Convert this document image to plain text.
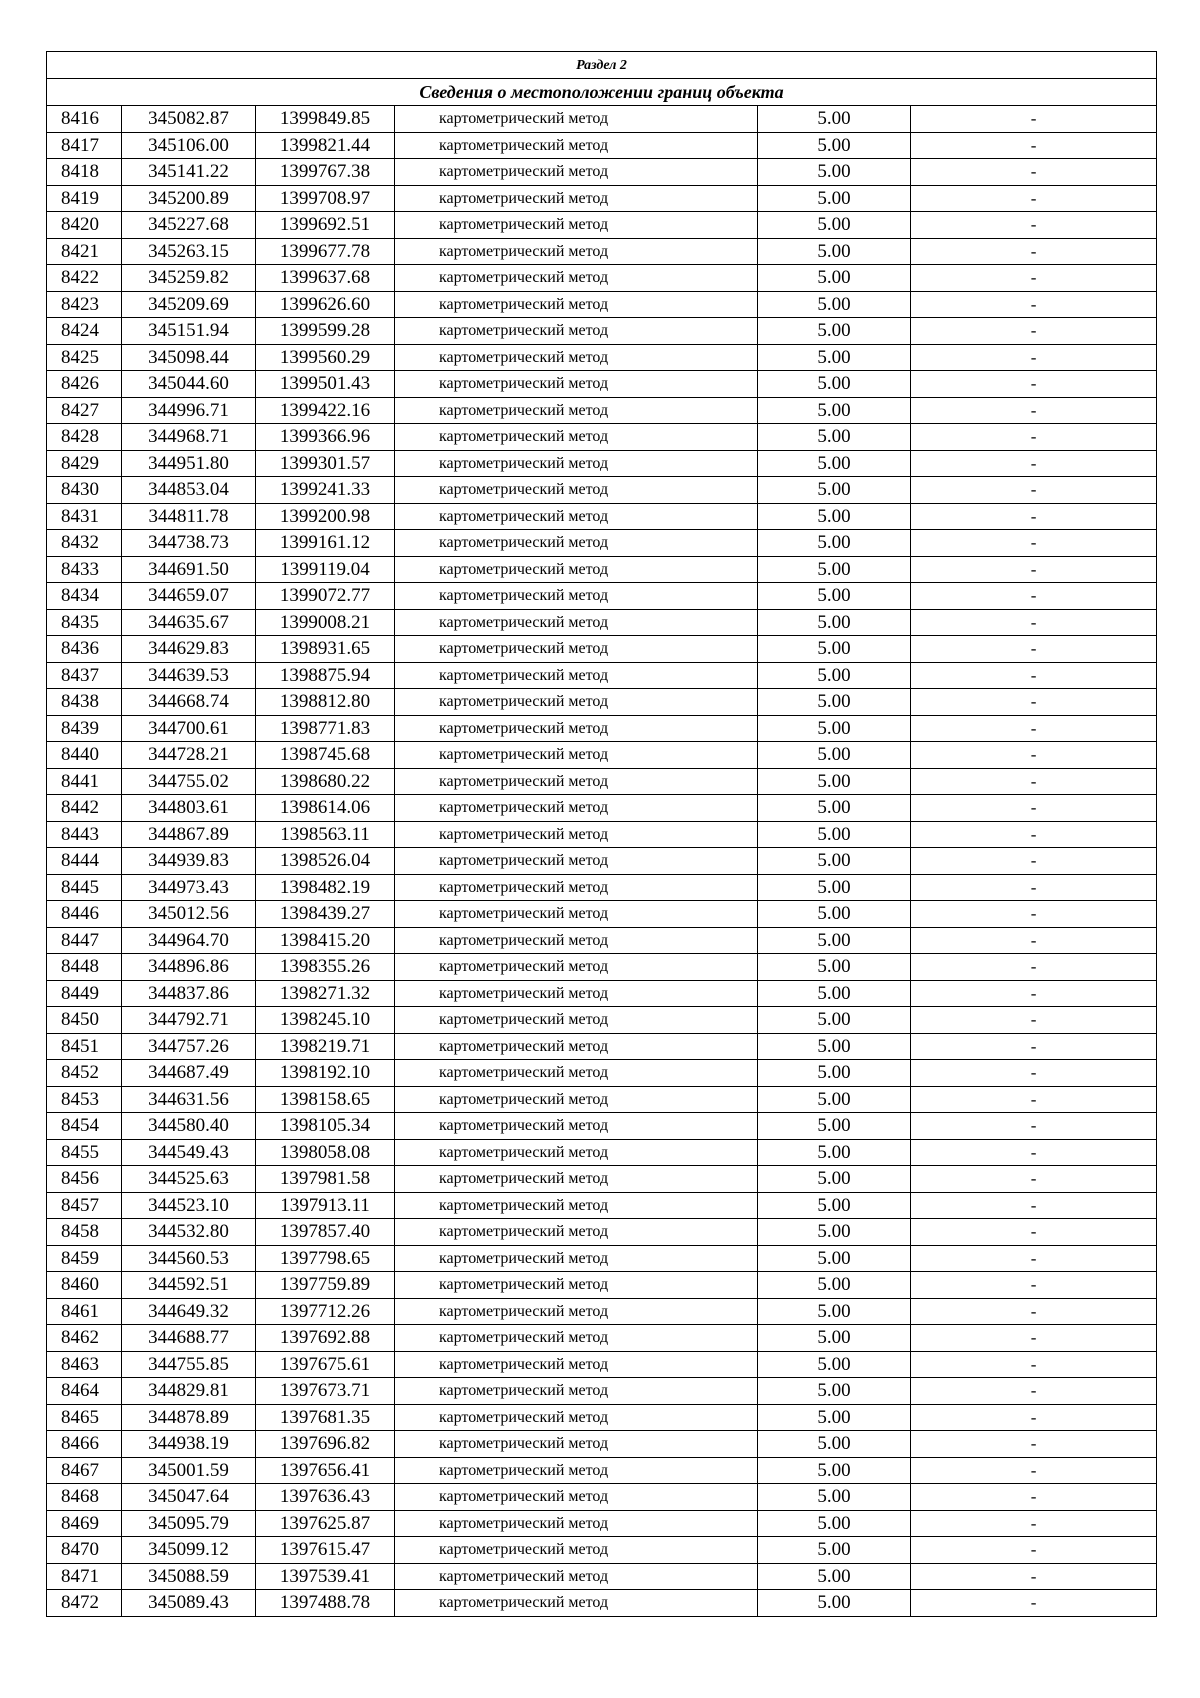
Раздел 2					
Сведения о местоположении границ объекта					
8416	345082.87	1399849.85	картометрический метод	5.00	-
8417	345106.00	1399821.44	картометрический метод	5.00	-
8418	345141.22	1399767.38	картометрический метод	5.00	-
8419	345200.89	1399708.97	картометрический метод	5.00	-
8420	345227.68	1399692.51	картометрический метод	5.00	-
8421	345263.15	1399677.78	картометрический метод	5.00	-
8422	345259.82	1399637.68	картометрический метод	5.00	-
8423	345209.69	1399626.60	картометрический метод	5.00	-
8424	345151.94	1399599.28	картометрический метод	5.00	-
8425	345098.44	1399560.29	картометрический метод	5.00	-
8426	345044.60	1399501.43	картометрический метод	5.00	-
8427	344996.71	1399422.16	картометрический метод	5.00	-
8428	344968.71	1399366.96	картометрический метод	5.00	-
8429	344951.80	1399301.57	картометрический метод	5.00	-
8430	344853.04	1399241.33	картометрический метод	5.00	-
8431	344811.78	1399200.98	картометрический метод	5.00	-
8432	344738.73	1399161.12	картометрический метод	5.00	-
8433	344691.50	1399119.04	картометрический метод	5.00	-
8434	344659.07	1399072.77	картометрический метод	5.00	-
8435	344635.67	1399008.21	картометрический метод	5.00	-
8436	344629.83	1398931.65	картометрический метод	5.00	-
8437	344639.53	1398875.94	картометрический метод	5.00	-
8438	344668.74	1398812.80	картометрический метод	5.00	-
8439	344700.61	1398771.83	картометрический метод	5.00	-
8440	344728.21	1398745.68	картометрический метод	5.00	-
8441	344755.02	1398680.22	картометрический метод	5.00	-
8442	344803.61	1398614.06	картометрический метод	5.00	-
8443	344867.89	1398563.11	картометрический метод	5.00	-
8444	344939.83	1398526.04	картометрический метод	5.00	-
8445	344973.43	1398482.19	картометрический метод	5.00	-
8446	345012.56	1398439.27	картометрический метод	5.00	-
8447	344964.70	1398415.20	картометрический метод	5.00	-
8448	344896.86	1398355.26	картометрический метод	5.00	-
8449	344837.86	1398271.32	картометрический метод	5.00	-
8450	344792.71	1398245.10	картометрический метод	5.00	-
8451	344757.26	1398219.71	картометрический метод	5.00	-
8452	344687.49	1398192.10	картометрический метод	5.00	-
8453	344631.56	1398158.65	картометрический метод	5.00	-
8454	344580.40	1398105.34	картометрический метод	5.00	-
8455	344549.43	1398058.08	картометрический метод	5.00	-
8456	344525.63	1397981.58	картометрический метод	5.00	-
8457	344523.10	1397913.11	картометрический метод	5.00	-
8458	344532.80	1397857.40	картометрический метод	5.00	-
8459	344560.53	1397798.65	картометрический метод	5.00	-
8460	344592.51	1397759.89	картометрический метод	5.00	-
8461	344649.32	1397712.26	картометрический метод	5.00	-
8462	344688.77	1397692.88	картометрический метод	5.00	-
8463	344755.85	1397675.61	картометрический метод	5.00	-
8464	344829.81	1397673.71	картометрический метод	5.00	-
8465	344878.89	1397681.35	картометрический метод	5.00	-
8466	344938.19	1397696.82	картометрический метод	5.00	-
8467	345001.59	1397656.41	картометрический метод	5.00	-
8468	345047.64	1397636.43	картометрический метод	5.00	-
8469	345095.79	1397625.87	картометрический метод	5.00	-
8470	345099.12	1397615.47	картометрический метод	5.00	-
8471	345088.59	1397539.41	картометрический метод	5.00	-
8472	345089.43	1397488.78	картометрический метод	5.00	-
